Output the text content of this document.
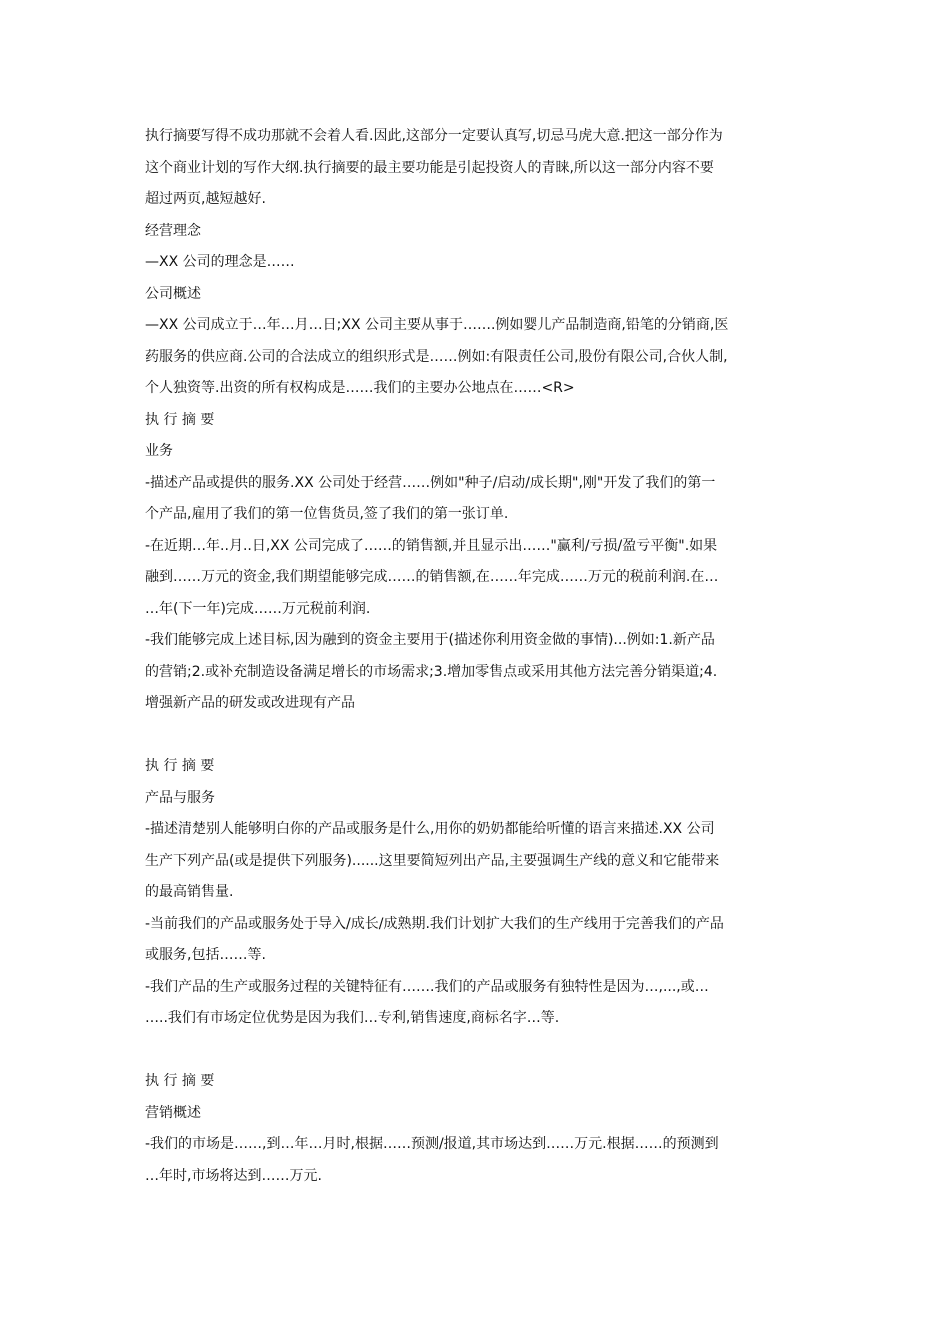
执行摘要写得不成功那就不会着人看.因此,这部分一定要认真写,切忌马虎大意.把这一部分作为
这个商业计划的写作大纲.执行摘要的最主要功能是引起投资人的青睐,所以这一部分内容不要
超过两页,越短越好.
经营理念
—XX 公司的理念是……
公司概述
—XX 公司成立于…年…月…日;XX 公司主要从事于…….例如婴儿产品制造商,铅笔的分销商,医
药服务的供应商.公司的合法成立的组织形式是……例如:有限责任公司,股份有限公司,合伙人制,
个人独资等.出资的所有权构成是……我们的主要办公地点在……<R>
执 行 摘 要
业务
-描述产品或提供的服务.XX 公司处于经营……例如"种子/启动/成长期",刚"开发了我们的第一
个产品,雇用了我们的第一位售货员,签了我们的第一张订单.
-在近期…年..月..日,XX 公司完成了……的销售额,并且显示出……"赢利/亏损/盈亏平衡".如果
融到……万元的资金,我们期望能够完成……的销售额,在……年完成……万元的税前利润.在…
…年(下一年)完成……万元税前利润.
-我们能够完成上述目标,因为融到的资金主要用于(描述你利用资金做的事情)...例如:1.新产品
的营销;2.或补充制造设备满足增长的市场需求;3.增加零售点或采用其他方法完善分销渠道;4.
增强新产品的研发或改进现有产品
执 行 摘 要
产品与服务
-描述清楚别人能够明白你的产品或服务是什么,用你的奶奶都能给听懂的语言来描述.XX 公司
生产下列产品(或是提供下列服务)......这里要简短列出产品,主要强调生产线的意义和它能带来
的最高销售量.
-当前我们的产品或服务处于导入/成长/成熟期.我们计划扩大我们的生产线用于完善我们的产品
或服务,包括……等.
-我们产品的生产或服务过程的关键特征有…….我们的产品或服务有独特性是因为…,...,或…
…..我们有市场定位优势是因为我们…专利,销售速度,商标名字…等.
执 行 摘 要
营销概述
-我们的市场是……,到…年…月时,根据……预测/报道,其市场达到……万元.根据……的预测到
…年时,市场将达到……万元.
